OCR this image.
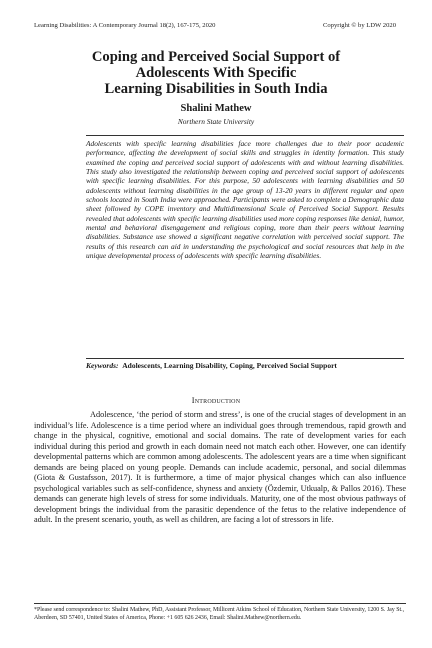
Learning Disabilities: A Contemporary Journal 18(2), 167-175, 2020	Copyright © by LDW 2020
Coping and Perceived Social Support of
Adolescents With Specific
Learning Disabilities in South India
Shalini Mathew
Northern State University

Adolescents with specific learning disabilities face more challenges due to their poor academic performance, affecting the development of social skills and struggles in identity formation. This study examined the coping and perceived social support of adolescents with and without learning disabilities. This study also investigated the relationship between coping and perceived social support of adolescents with specific learning disabilities. For this purpose, 50 adolescents with learning disabilities and 50 adolescents without learning disabilities in the age group of 13-20 years in different regular and open schools located in South India were approached. Participants were asked to complete a Demographic data sheet followed by COPE inventory and Multidimensional Scale of Perceived Social Support. Results revealed that adolescents with specific learning disabilities used more coping responses like denial, humor, mental and behavioral disengagement and religious coping, more than their peers without learning disabilities. Substance use showed a significant negative correlation with perceived social support. The results of this research can aid in understanding the psychological and social resources that help in the unique developmental process of adolescents with specific learning disabilities.

Keywords: Adolescents, Learning Disability, Coping, Perceived Social Support

Introduction

Adolescence, ‘the period of storm and stress’, is one of the crucial stages of development in an individual’s life. Adolescence is a time period where an individual goes through tremendous, rapid growth and change in the physical, cognitive, emotional and social domains. The rate of development varies for each individual during this period and growth in each domain need not match each other. However, one can identify developmental patterns which are common among adolescents. The adolescent years are a time when significant demands are being placed on young people. Demands can include academic, personal, and social dilemmas (Giota & Gustafsson, 2017). It is furthermore, a time of major physical changes which can also influence psychological variables such as self-confidence, shyness and anxiety (Özdemir, Utkualp, & Pallos 2016). These demands can generate high levels of stress for some individuals. Maturity, one of the most obvious pathways of development brings the individual from the parasitic dependence of the fetus to the relative independence of adult. In the present scenario, youth, as well as children, are facing a lot of stressors in life.

*Please send correspondence to: Shalini Mathew, PhD, Assistant Professor, Millicent Atkins School of Education, Northern State University, 1200 S. Jay St., Aberdeen, SD 57401, United States of America, Phone: +1 605 626 2436, Email: Shalini.Mathew@northern.edu.
